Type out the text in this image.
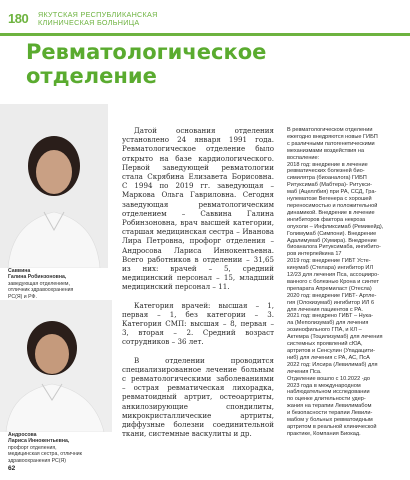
180 ЯКУТСКАЯ РЕСПУБЛИКАНСКАЯ
КЛИНИЧЕСКАЯ БОЛЬНИЦА
Ревматологическое
отделение
Саввина
Галина Робинзоновна,
заведующая отделением,
отличник здравоохранения
РС(Я) и РФ.
Андросова
Лариса Иннокентьевна,
профорг отделения,
медицинская сестра, отличник
здравоохранения РС(Я)

Датой основания отделения установлено 24 января 1991 года. Ревматологическое отделение было открыто на базе кардиологического. Первой заведующей ревматологии стала Скрябина Елизавета Борисовна. С 1994 по 2019 гг. заведующая – Маркова Ольга Гавриловна. Сегодня заведующая ревматологическим отделением – Саввина Галина Робинзоновна, врач высшей категории, старшая медицинская сестра – Иванова Лира Петровна, профорг отделения – Андросова Лариса Иннокентьевна. Всего работников в отделении – 31,65 из них: врачей – 5, средний медицинский персонал – 15, младший медицинский персонал – 11.

Категория врачей: высшая – 1, первая – 1, без категории – 3. Категория СМП: высшая – 8, первая – 3, вторая – 2. Средний возраст сотрудников – 36 лет.

В отделении проводится специализированное лечение больным с ревматологическими заболеваниями – острая ревматическая лихорадка, ревматоидный артрит, остеоартриты, анкилозирующие спондилиты, микрокристаллические артриты, диффузные болезни соединительной ткани, системные васкулиты и др.

В ревматологическом отделении

ежегодно внедряются новые ГИБП

с различными патогенетическими

механизмами воздействия на

воспаление:

2018 год: внедрение в лечение

ревматических болезней био-

симилятра (биоаналога) ГИБП

Ритуксимаб (Мабтера)- Ритукси-

маб (Ацеллбия) при РА, ССД, Гра-

нулематозе Вегенера с хорошей

переносимостью и положительной

динамикой. Внедрение в лечение

ингибиторов фактора некроза

опухоли – Инфликсимаб (Ремикейд),

Голимумаб (Симпони). Внедрение

Адалимумаб (Хумира). Внедрение

биоаналога Ритуксимаба, ингибито-

ров интерлейкина 17

2019 год: внедрение ГИБТ Усте-

кинумаб (Стелара) ингибитор ИЛ

12/23 для лечения Пса, ассоцииро-

ванного с болезнью Крона и синтет

препарата Апремиласт (Отесла)

2020 год: внедрение ГИБТ- Артле-

гия (Олокизумаб) ингибитор ИЛ 6

для лечения пациентов с РА.

2021 год: внедрено ГИБТ – Нука-

ла (Меполизумаб) для лечения

эозинофильного ГПА, и КЛ –

Актемра (Тоцилизумаб) для лечения

системных проявлений сЮА,

артритов и Сенсулин (Упадацити-

ниб) для лечения с РА, АС, ПсА

2022 год: Илсира (Левилимаб) для

лечения Пса.

Отделение вошло с 10.2022 -до

2023 года в международном

наблюдательном исследовании

по оценке длительности удер-

жания на терапии Левилимабом

и безопасности терапии Левили-

мабом у больных ревматоидным

артритом в реальной клинической

практике, Компания Биокад.

62
